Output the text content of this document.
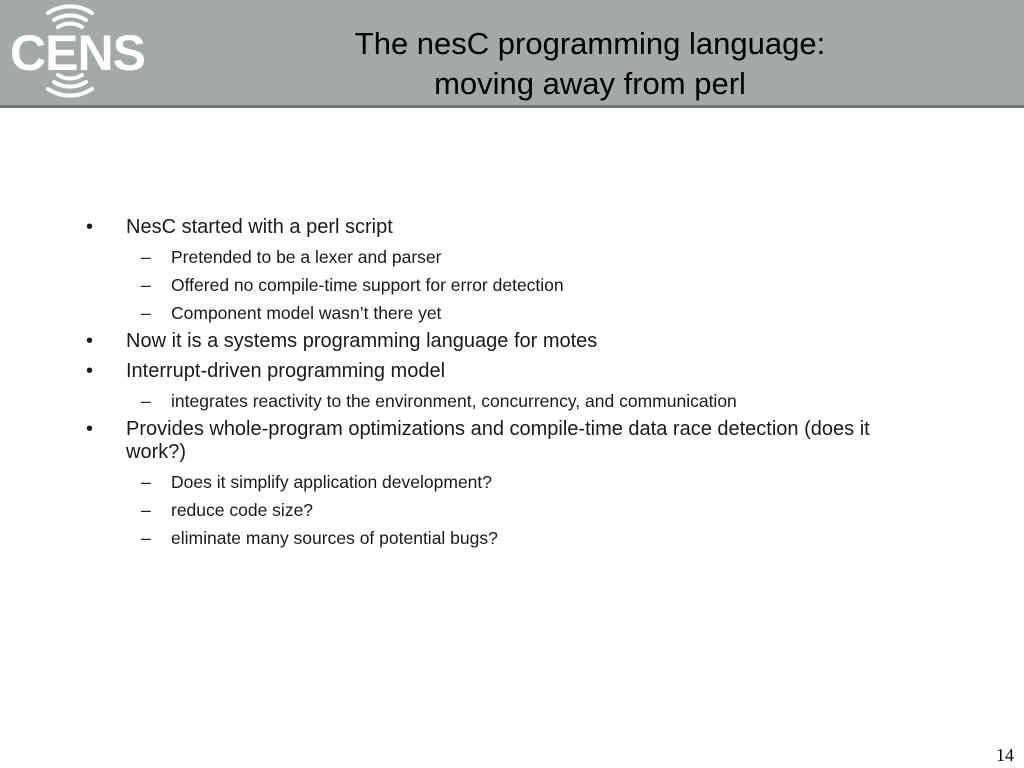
CENS	The nesC programming language:
moving away from perl

• NesC started with a perl script

– Pretended to be a lexer and parser

– Offered no compile-time support for error detection

– Component model wasn’t there yet

• Now it is a systems programming language for motes

• Interrupt-driven programming model

– integrates reactivity to the environment, concurrency, and communication

• Provides whole-program optimizations and compile-time data race detection (does it work?)

– Does it simplify application development?

– reduce code size?

– eliminate many sources of potential bugs?

14
